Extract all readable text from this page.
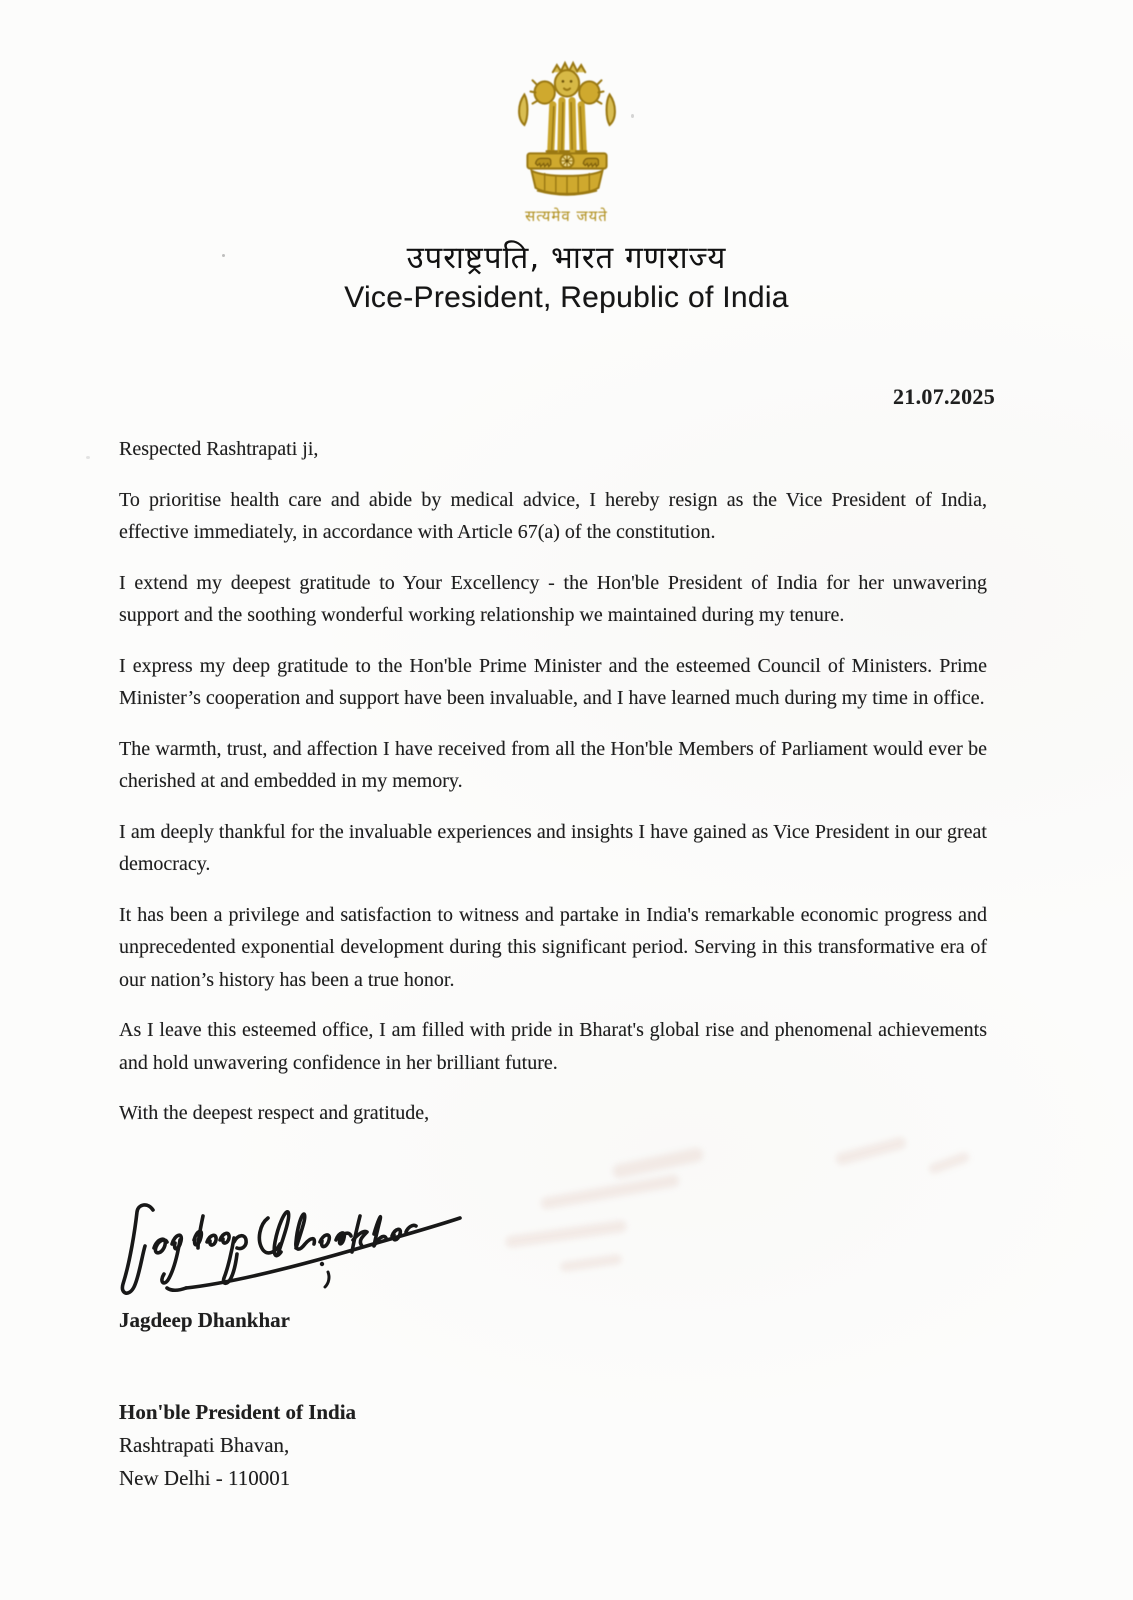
सत्यमेव जयते
उपराष्ट्रपति, भारत गणराज्य
Vice-President, Republic of India
21.07.2025

Respected Rashtrapati ji,

To prioritise health care and abide by medical advice, I hereby resign as the Vice President of India, effective immediately, in accordance with Article 67(a) of the constitution.

I extend my deepest gratitude to Your Excellency - the Hon'ble President of India for her unwavering support and the soothing wonderful working relationship we maintained during my tenure.

I express my deep gratitude to the Hon'ble Prime Minister and the esteemed Council of Ministers. Prime Minister’s cooperation and support have been invaluable, and I have learned much during my time in office.

The warmth, trust, and affection I have received from all the Hon'ble Members of Parliament would ever be cherished at and embedded in my memory.

I am deeply thankful for the invaluable experiences and insights I have gained as Vice President in our great democracy.

It has been a privilege and satisfaction to witness and partake in India's remarkable economic progress and unprecedented exponential development during this significant period. Serving in this transformative era of our nation’s history has been a true honor.

As I leave this esteemed office, I am filled with pride in Bharat's global rise and phenomenal achievements and hold unwavering confidence in her brilliant future.

With the deepest respect and gratitude,

Jagdeep Dhankhar
Hon'ble President of India
Rashtrapati Bhavan,
New Delhi - 110001
